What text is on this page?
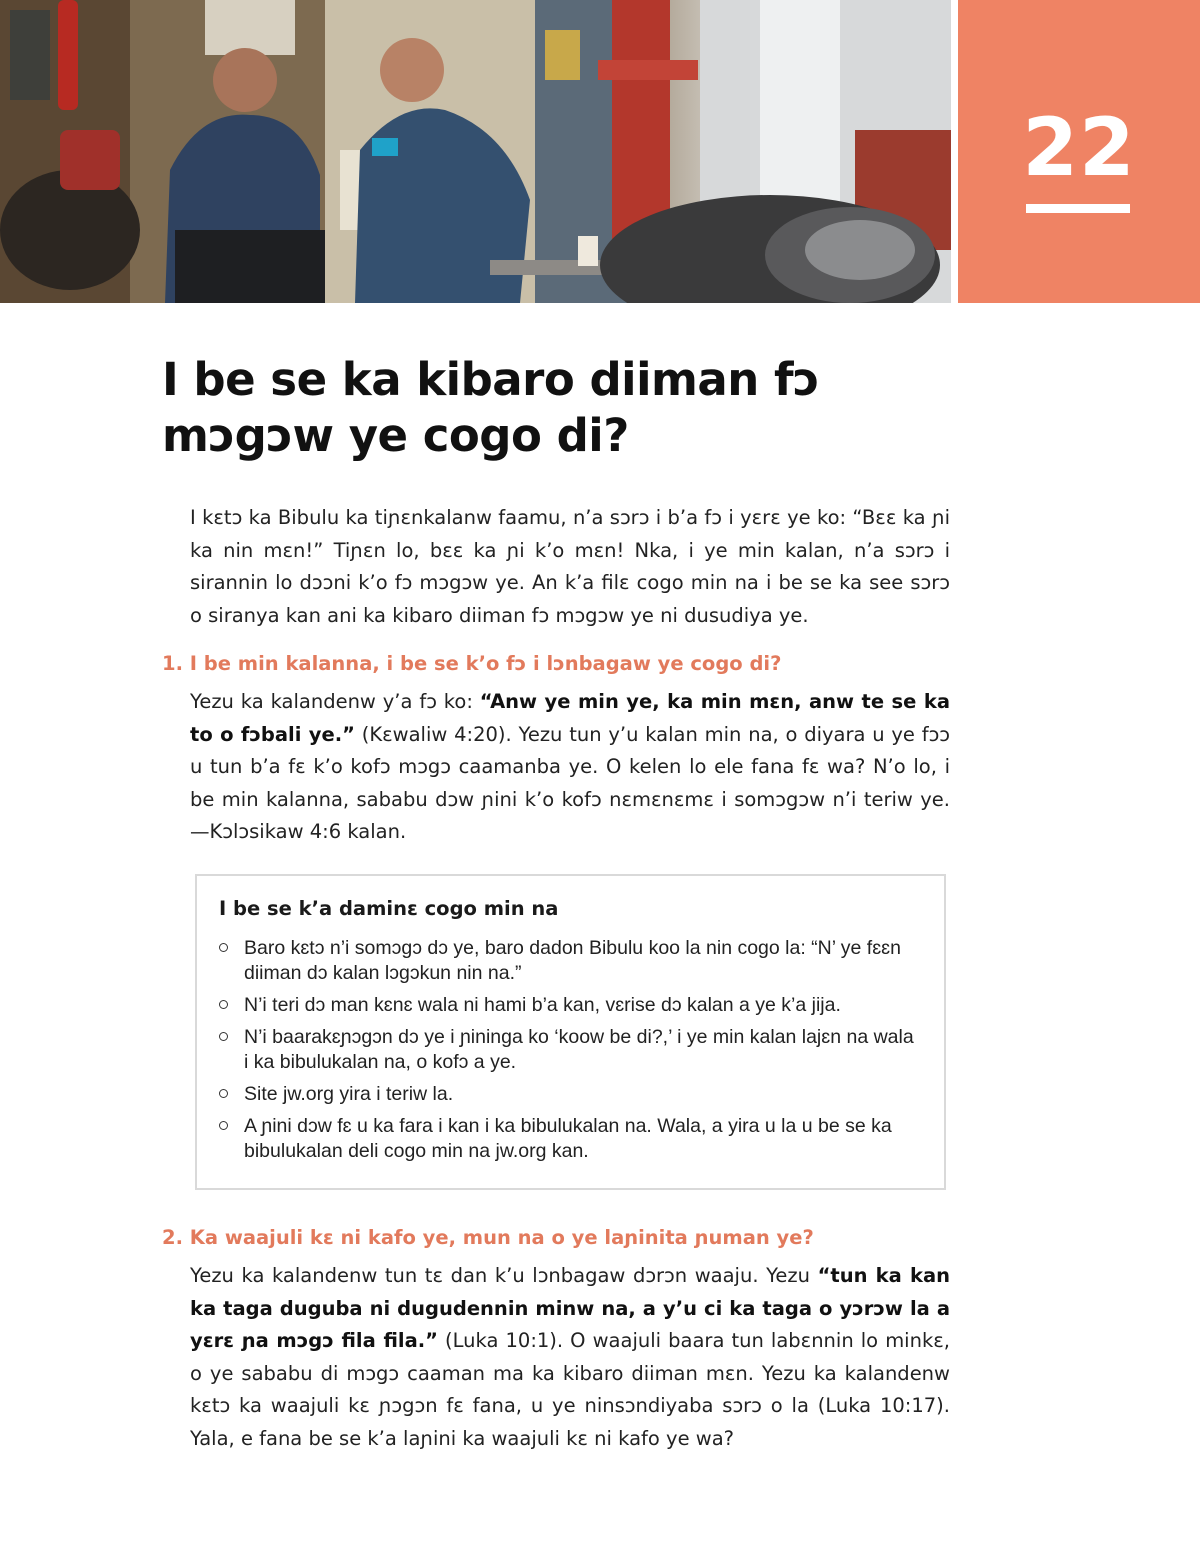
22
I be se ka kibaro diiman fɔ
mɔgɔw ye cogo di?

I kɛtɔ ka Bibulu ka tiɲɛnkalanw faamu, n’a sɔrɔ i b’a fɔ i yɛrɛ ye ko: “Bɛɛ ka ɲi ka nin mɛn!” Tiɲɛn lo, bɛɛ ka ɲi k’o mɛn! Nka, i ye min kalan, n’a sɔrɔ i sirannin lo dɔɔni k’o fɔ mɔgɔw ye. An k’a filɛ cogo min na i be se ka see sɔrɔ o siranya kan ani ka kibaro diiman fɔ mɔgɔw ye ni dusudiya ye.

1. I be min kalanna, i be se k’o fɔ i lɔnbagaw ye cogo di?

Yezu ka kalandenw y’a fɔ ko: “Anw ye min ye, ka min mɛn, anw te se ka to o fɔbali ye.” (Kɛwaliw 4:20). Yezu tun y’u kalan min na, o diyara u ye fɔɔ u tun b’a fɛ k’o kofɔ mɔgɔ caamanba ye. O kelen lo ele fana fɛ wa? N’o lo, i be min kalanna, sababu dɔw ɲini k’o kofɔ nɛmɛnɛmɛ i somɔgɔw n’i teriw ye. —Kɔlɔsikaw 4:6 kalan.

I be se k’a daminɛ cogo min na
Baro kɛtɔ n’i somɔgɔ dɔ ye, baro dadon Bibulu koo la nin cogo la: “N’ ye fɛɛn diiman dɔ kalan lɔgɔkun nin na.”
N’i teri dɔ man kɛnɛ wala ni hami b’a kan, vɛrise dɔ kalan a ye k’a jija.
N’i baarakɛɲɔgɔn dɔ ye i ɲininga ko ‘koow be di?,’ i ye min kalan lajɛn na wala i ka bibulukalan na, o kofɔ a ye.
Site jw.org yira i teriw la.
A ɲini dɔw fɛ u ka fara i kan i ka bibulukalan na. Wala, a yira u la u be se ka bibulukalan deli cogo min na jw.org kan.
2. Ka waajuli kɛ ni kafo ye, mun na o ye laɲinita ɲuman ye?

Yezu ka kalandenw tun tɛ dan k’u lɔnbagaw dɔrɔn waaju. Yezu “tun ka kan ka taga duguba ni dugudennin minw na, a y’u ci ka taga o yɔrɔw la a yɛrɛ ɲa mɔgɔ fila fila.” (Luka 10:1). O waajuli baara tun labɛnnin lo minkɛ, o ye sababu di mɔgɔ caaman ma ka kibaro diiman mɛn. Yezu ka kalandenw kɛtɔ ka waajuli kɛ ɲɔgɔn fɛ fana, u ye ninsɔndiyaba sɔrɔ o la (Luka 10:17). Yala, e fana be se k’a laɲini ka waajuli kɛ ni kafo ye wa?
